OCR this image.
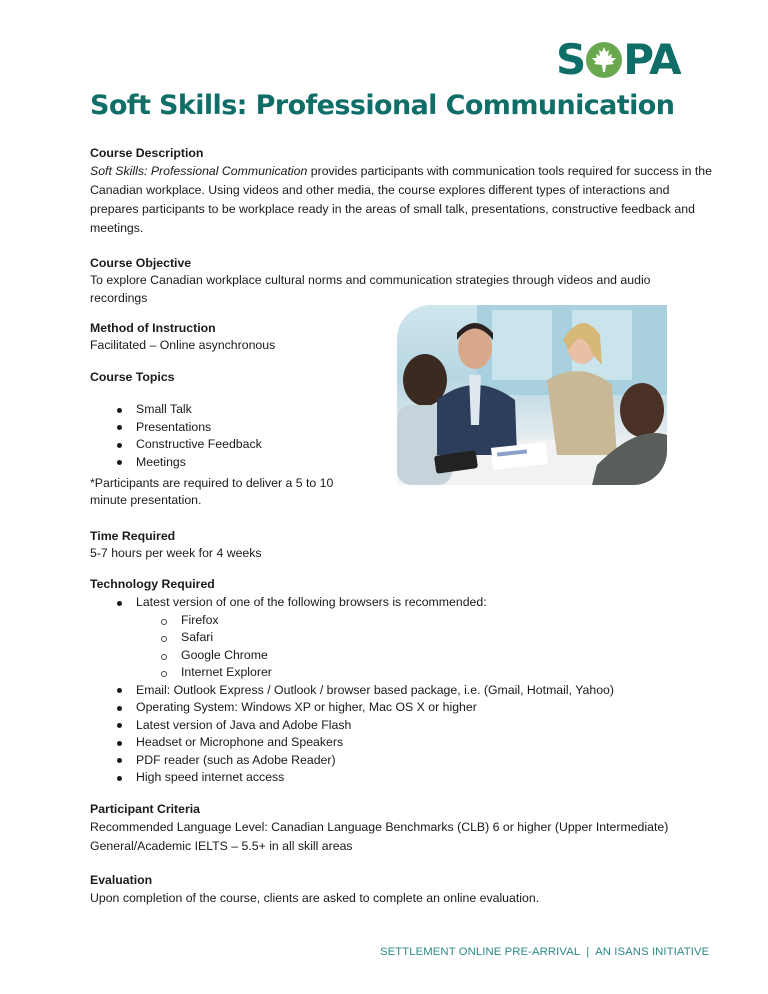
S PA
Soft Skills: Professional Communication
Course Description
Soft Skills: Professional Communication provides participants with communication tools required for success in the Canadian workplace. Using videos and other media, the course explores different types of interactions and prepares participants to be workplace ready in the areas of small talk, presentations, constructive feedback and meetings.
Course Objective
To explore Canadian workplace cultural norms and communication strategies through videos and audio recordings
Method of Instruction
Facilitated – Online asynchronous
Course Topics
Small Talk
Presentations
Constructive Feedback
Meetings
*Participants are required to deliver a 5 to 10 minute presentation.
Time Required
5-7 hours per week for 4 weeks
Technology Required
Latest version of one of the following browsers is recommended:
Firefox
Safari
Google Chrome
Internet Explorer
Email: Outlook Express / Outlook / browser based package, i.e. (Gmail, Hotmail, Yahoo)
Operating System: Windows XP or higher, Mac OS X or higher
Latest version of Java and Adobe Flash
Headset or Microphone and Speakers
PDF reader (such as Adobe Reader)
High speed internet access
Participant Criteria
Recommended Language Level: Canadian Language Benchmarks (CLB) 6 or higher (Upper Intermediate)
General/Academic IELTS – 5.5+ in all skill areas
Evaluation
Upon completion of the course, clients are asked to complete an online evaluation.
SETTLEMENT ONLINE PRE-ARRIVAL  |  AN ISANS INITIATIVE
